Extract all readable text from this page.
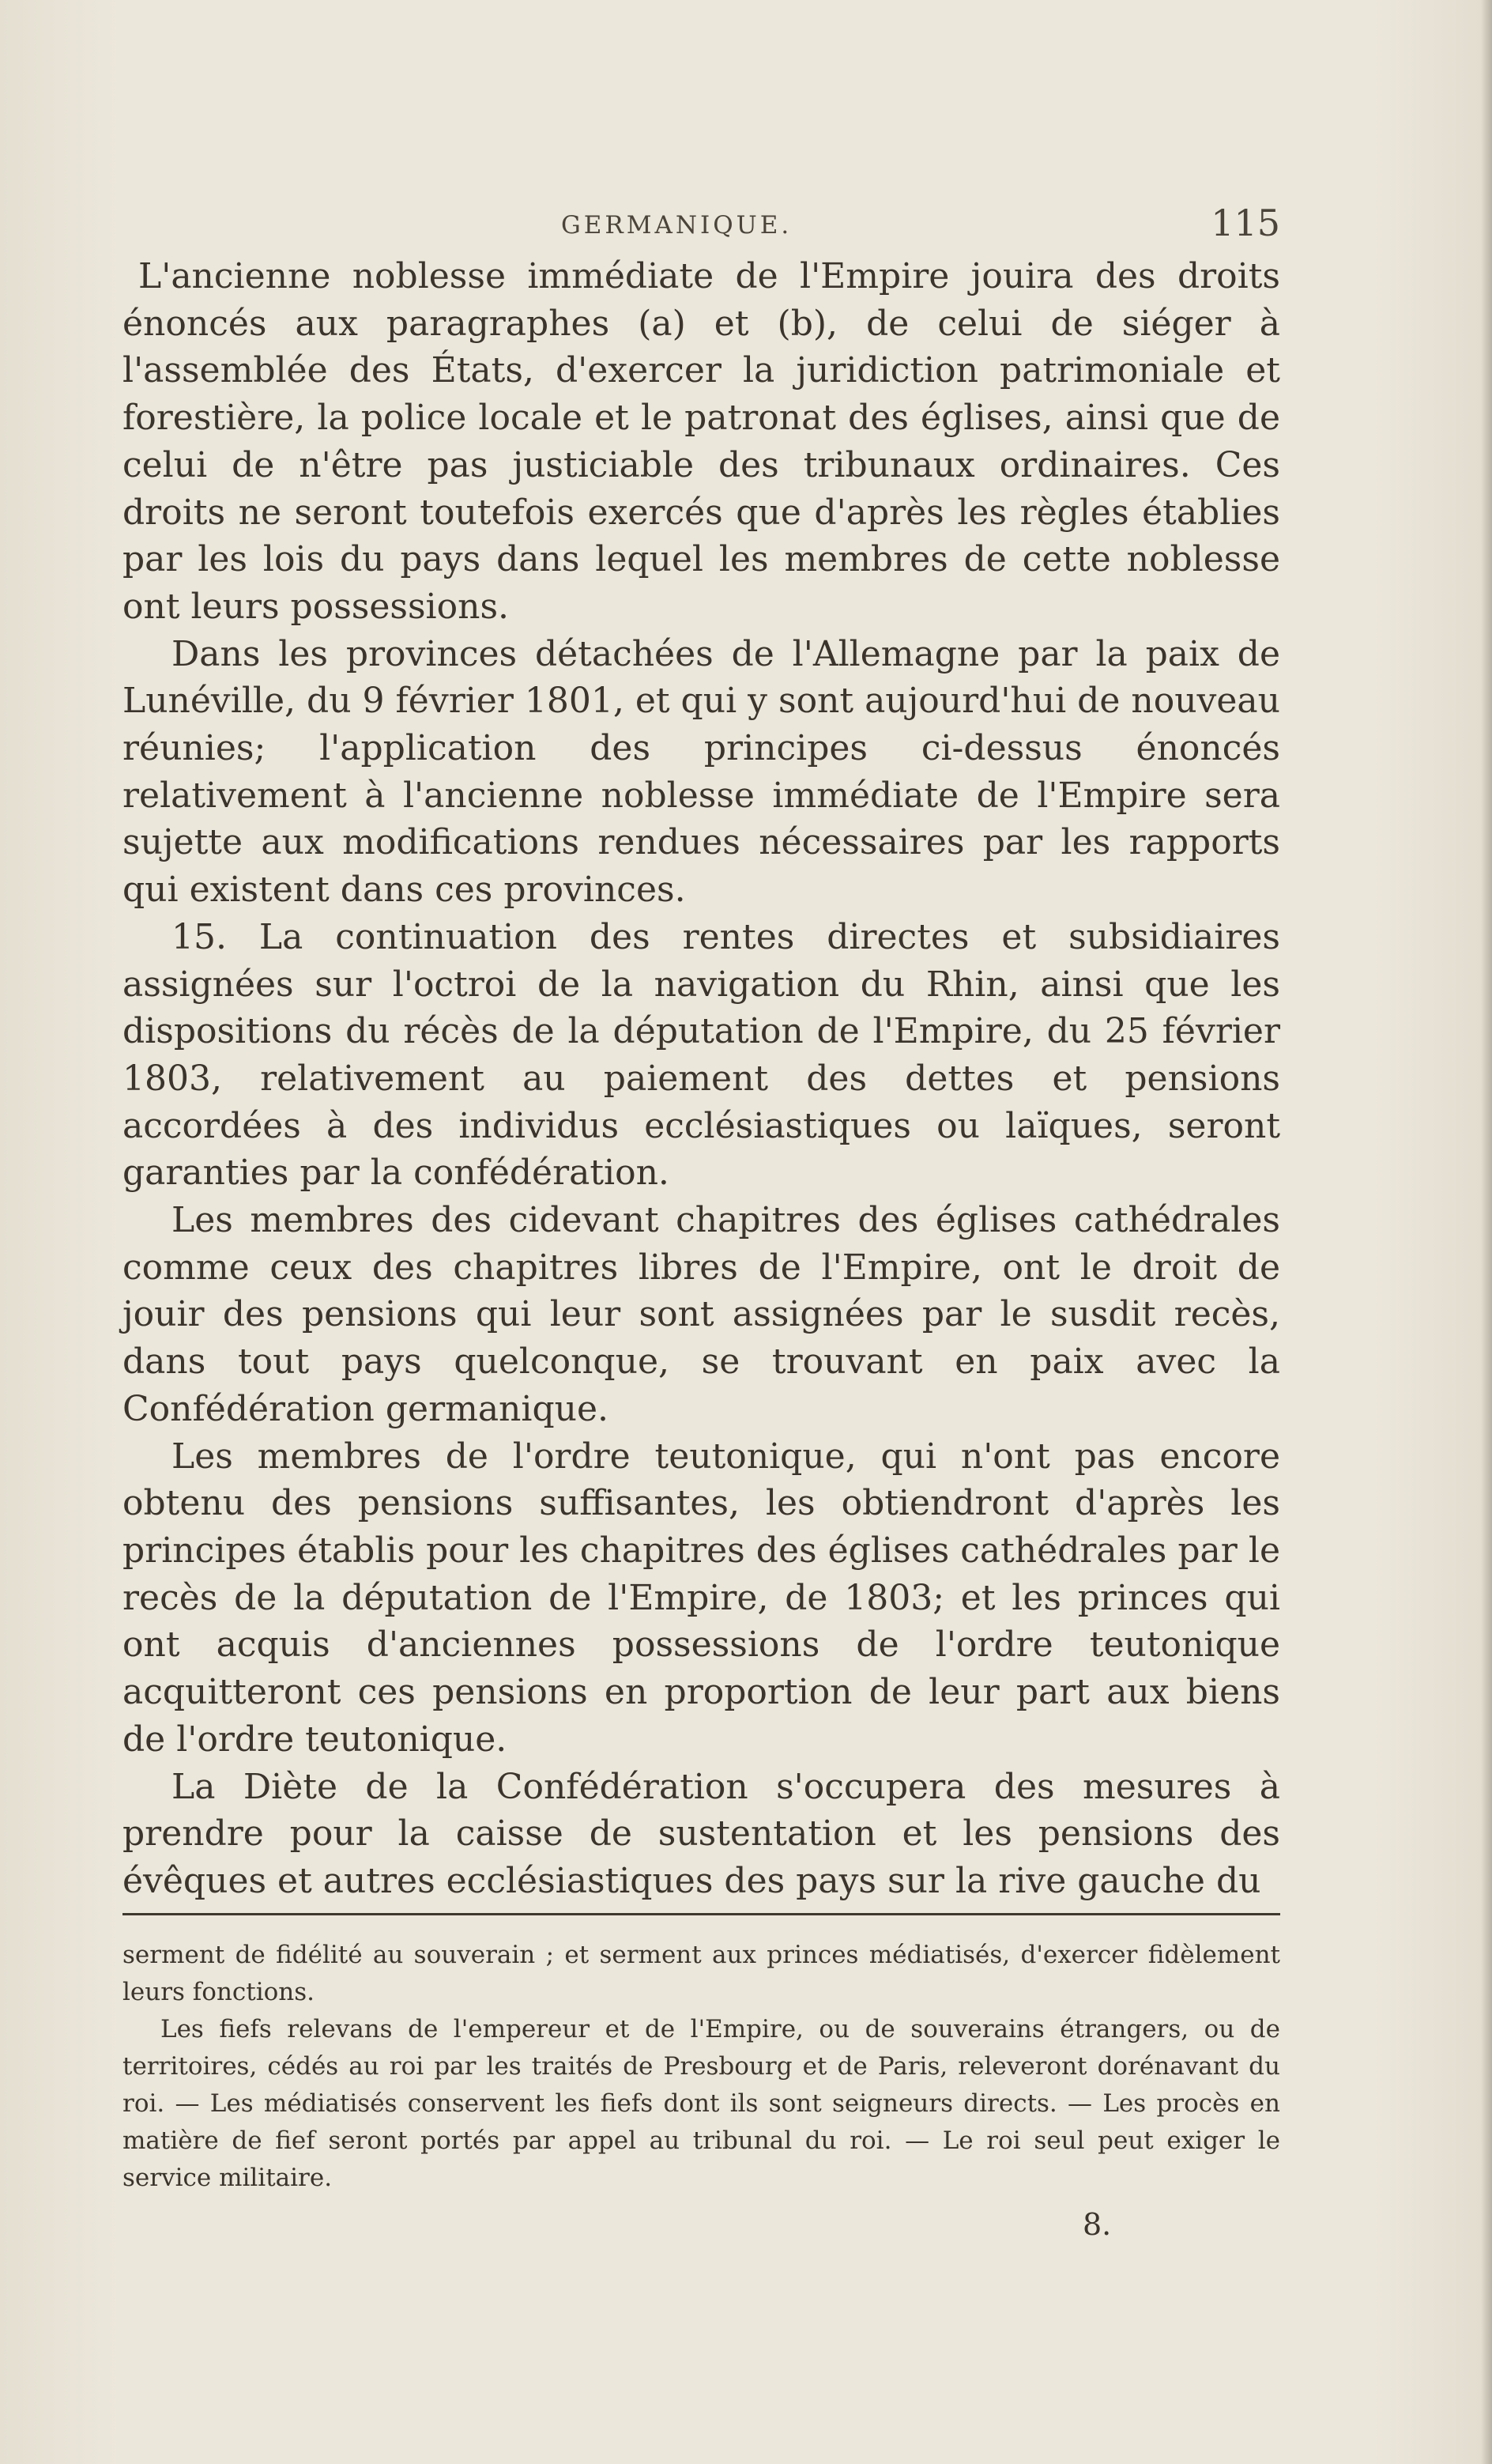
GERMANIQUE.	115

L'ancienne noblesse immédiate de l'Empire jouira des droits énoncés aux paragraphes (a) et (b), de celui de siéger à l'assemblée des États, d'exercer la juridiction patrimoniale et forestière, la police locale et le patronat des églises, ainsi que de celui de n'être pas justiciable des tribunaux ordinaires. Ces droits ne seront toutefois exercés que d'après les règles établies par les lois du pays dans lequel les membres de cette noblesse ont leurs possessions.

Dans les provinces détachées de l'Allemagne par la paix de Lunéville, du 9 février 1801, et qui y sont aujourd'hui de nouveau réunies; l'application des principes ci-dessus énoncés relativement à l'ancienne noblesse immédiate de l'Empire sera sujette aux modifications rendues nécessaires par les rapports qui existent dans ces provinces.

15. La continuation des rentes directes et subsidiaires assignées sur l'octroi de la navigation du Rhin, ainsi que les dispositions du récès de la députation de l'Empire, du 25 février 1803, relativement au paiement des dettes et pensions accordées à des individus ecclésiastiques ou laïques, seront garanties par la confédération.

Les membres des cidevant chapitres des églises cathédrales comme ceux des chapitres libres de l'Empire, ont le droit de jouir des pensions qui leur sont assignées par le susdit recès, dans tout pays quelconque, se trouvant en paix avec la Confédération germanique.

Les membres de l'ordre teutonique, qui n'ont pas encore obtenu des pensions suffisantes, les obtiendront d'après les principes établis pour les chapitres des églises cathédrales par le recès de la députation de l'Empire, de 1803; et les princes qui ont acquis d'anciennes possessions de l'ordre teutonique acquitteront ces pensions en proportion de leur part aux biens de l'ordre teutonique.

La Diète de la Confédération s'occupera des mesures à prendre pour la caisse de sustentation et les pensions des évêques et autres ecclésiastiques des pays sur la rive gauche du

serment de fidélité au souverain ; et serment aux princes médiatisés, d'exercer fidèlement leurs fonctions.

Les fiefs relevans de l'empereur et de l'Empire, ou de souverains étrangers, ou de territoires, cédés au roi par les traités de Presbourg et de Paris, releveront dorénavant du roi. — Les médiatisés conservent les fiefs dont ils sont seigneurs directs. — Les procès en matière de fief seront portés par appel au tribunal du roi. — Le roi seul peut exiger le service militaire.

8.
